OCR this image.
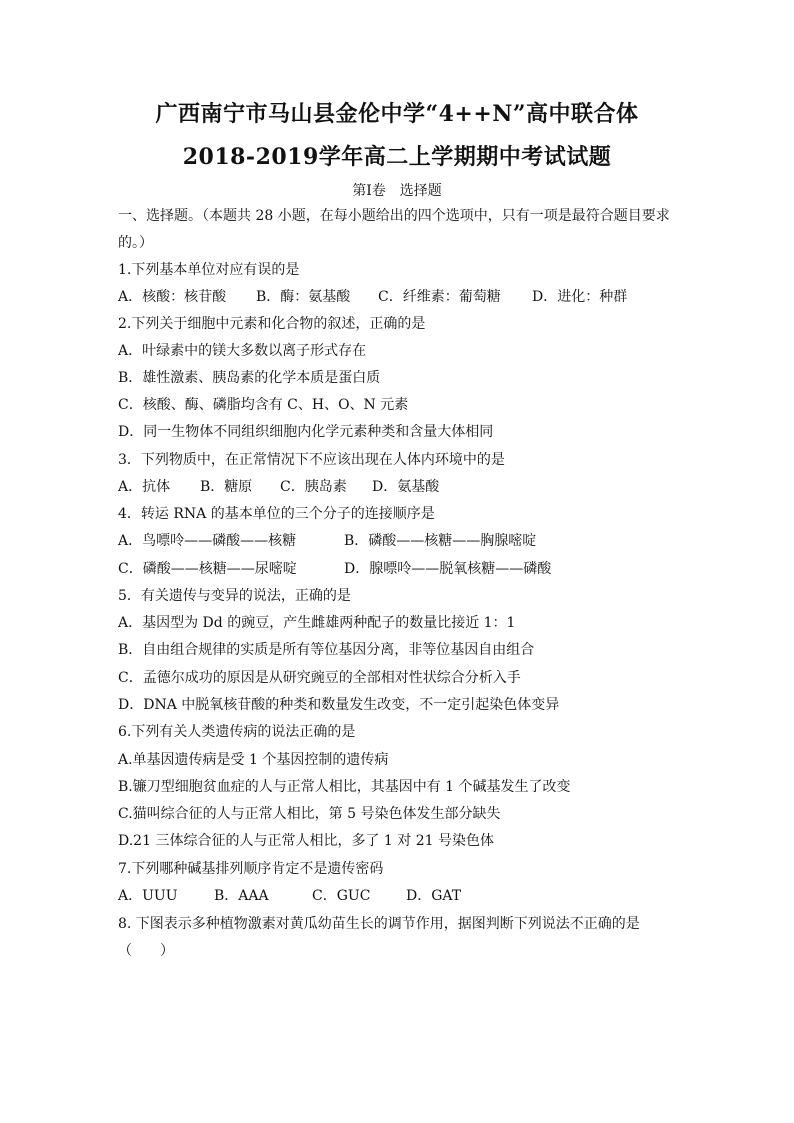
广西南宁市马山县金伦中学“4++N”高中联合体
2018-2019学年高二上学期期中考试试题
第Ⅰ卷　选择题
一、选择题。（本题共 28 小题，在每小题给出的四个选项中，只有一项是最符合题目要求
的。）
1.下列基本单位对应有误的是
A．核酸：核苷酸 B．酶：氨基酸 C．纤维素：葡萄糖 D．进化：种群
2.下列关于细胞中元素和化合物的叙述，正确的是
A．叶绿素中的镁大多数以离子形式存在
B．雄性激素、胰岛素的化学本质是蛋白质
C．核酸、酶、磷脂均含有 C、H、O、N 元素
D．同一生物体不同组织细胞内化学元素种类和含量大体相同
3．下列物质中，在正常情况下不应该出现在人体内环境中的是
A．抗体 B．糖原 C．胰岛素 D．氨基酸
4．转运 RNA 的基本单位的三个分子的连接顺序是
A．鸟嘌呤——磷酸——核糖	B．磷酸——核糖——胸腺嘧啶
C．磷酸——核糖——尿嘧啶	D．腺嘌呤——脱氧核糖——磷酸
5．有关遗传与变异的说法，正确的是
A．基因型为 Dd 的豌豆，产生雌雄两种配子的数量比接近 1：1
B．自由组合规律的实质是所有等位基因分离，非等位基因自由组合
C．孟德尔成功的原因是从研究豌豆的全部相对性状综合分析入手
D．DNA 中脱氧核苷酸的种类和数量发生改变，不一定引起染色体变异
6.下列有关人类遗传病的说法正确的是
A.单基因遗传病是受 1 个基因控制的遗传病
B.镰刀型细胞贫血症的人与正常人相比，其基因中有 1 个碱基发生了改变
C.猫叫综合征的人与正常人相比，第 5 号染色体发生部分缺失
D.21 三体综合征的人与正常人相比，多了 1 对 21 号染色体
7.下列哪种碱基排列顺序肯定不是遗传密码
A．UUU	B．AAA	C．GUC	D．GAT
8. 下图表示多种植物激素对黄瓜幼苗生长的调节作用，据图判断下列说法不正确的是
（　　）
